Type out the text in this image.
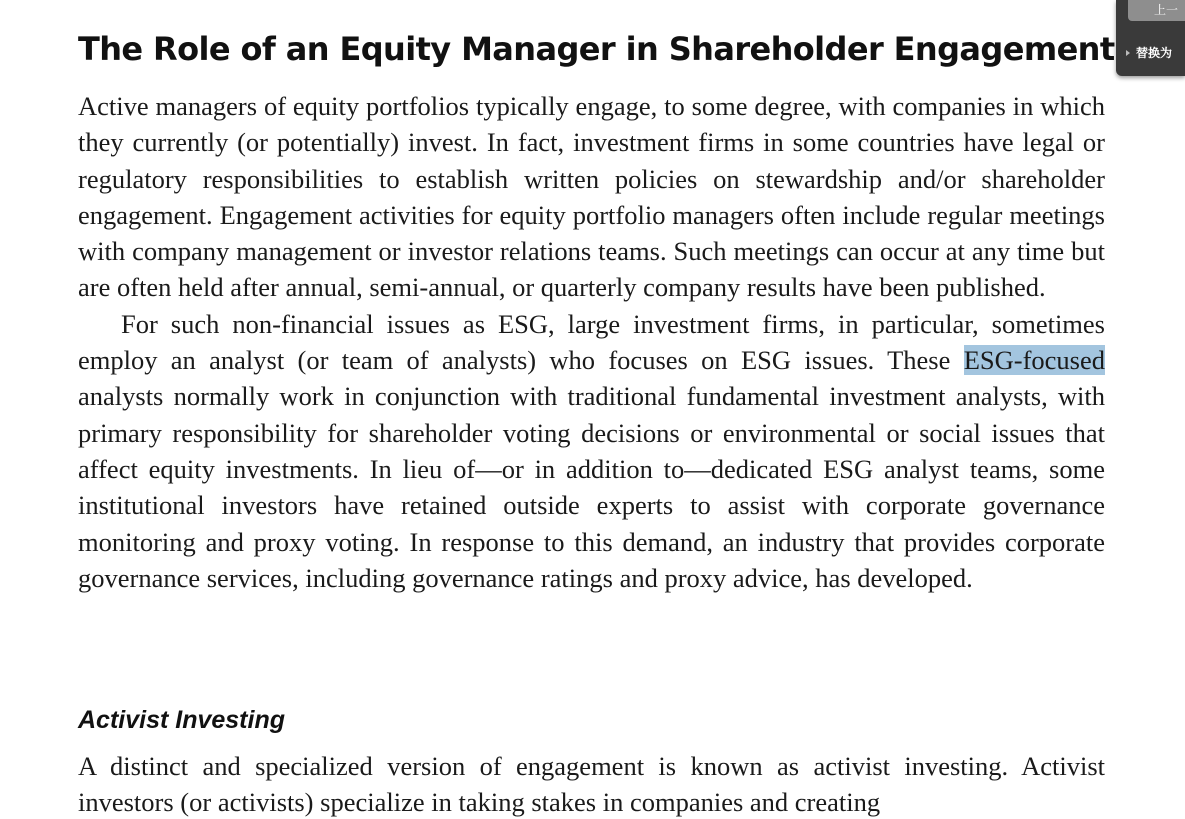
The Role of an Equity Manager in Shareholder Engagement

Active managers of equity portfolios typically engage, to some degree, with companies in which they currently (or potentially) invest. In fact, investment firms in some countries have legal or regulatory responsibilities to establish written policies on stewardship and/or shareholder engagement. Engagement activities for equity portfolio managers often include regular meetings with company management or investor relations teams. Such meetings can occur at any time but are often held after annual, semi-annual, or quarterly company results have been published.

For such non-financial issues as ESG, large investment firms, in particular, sometimes employ an analyst (or team of analysts) who focuses on ESG issues. These ESG-focused analysts normally work in conjunction with traditional fundamental investment analysts, with primary responsibility for shareholder voting decisions or environmental or social issues that affect equity investments. In lieu of—or in addition to—dedicated ESG analyst teams, some institutional investors have retained outside experts to assist with corporate governance monitoring and proxy voting. In response to this demand, an industry that provides corporate governance services, including governance ratings and proxy advice, has developed.

Activist Investing

A distinct and specialized version of engagement is known as activist investing. Activist investors (or activists) specialize in taking stakes in companies and creating

上一
替换为
